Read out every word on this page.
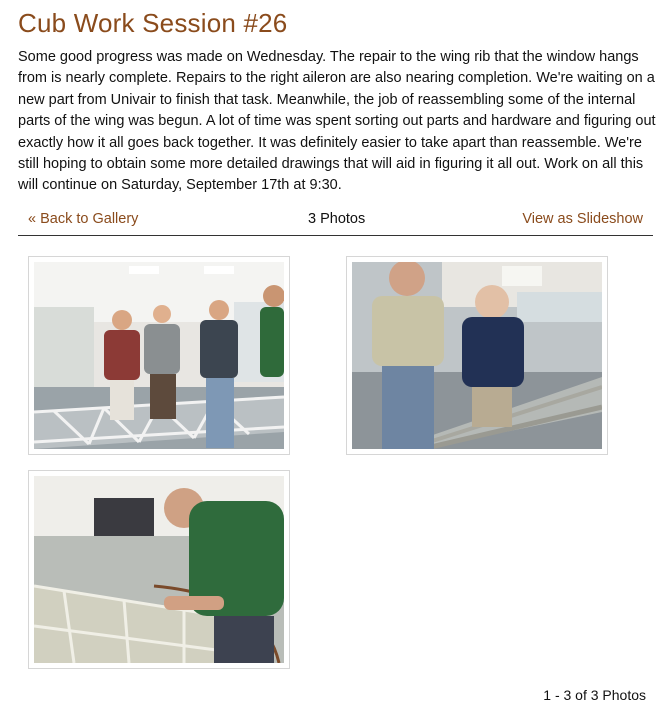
Cub Work Session #26

Some good progress was made on Wednesday. The repair to the wing rib that the window hangs from is nearly complete. Repairs to the right aileron are also nearing completion. We're waiting on a new part from Univair to finish that task. Meanwhile, the job of reassembling some of the internal parts of the wing was begun. A lot of time was spent sorting out parts and hardware and figuring out exactly how it all goes back together. It was definitely easier to take apart than reassemble. We're still hoping to obtain some more detailed drawings that will aid in figuring it all out. Work on all this will continue on Saturday, September 17th at 9:30.

« Back to Gallery	3 Photos	View as Slideshow
1 - 3 of 3 Photos
